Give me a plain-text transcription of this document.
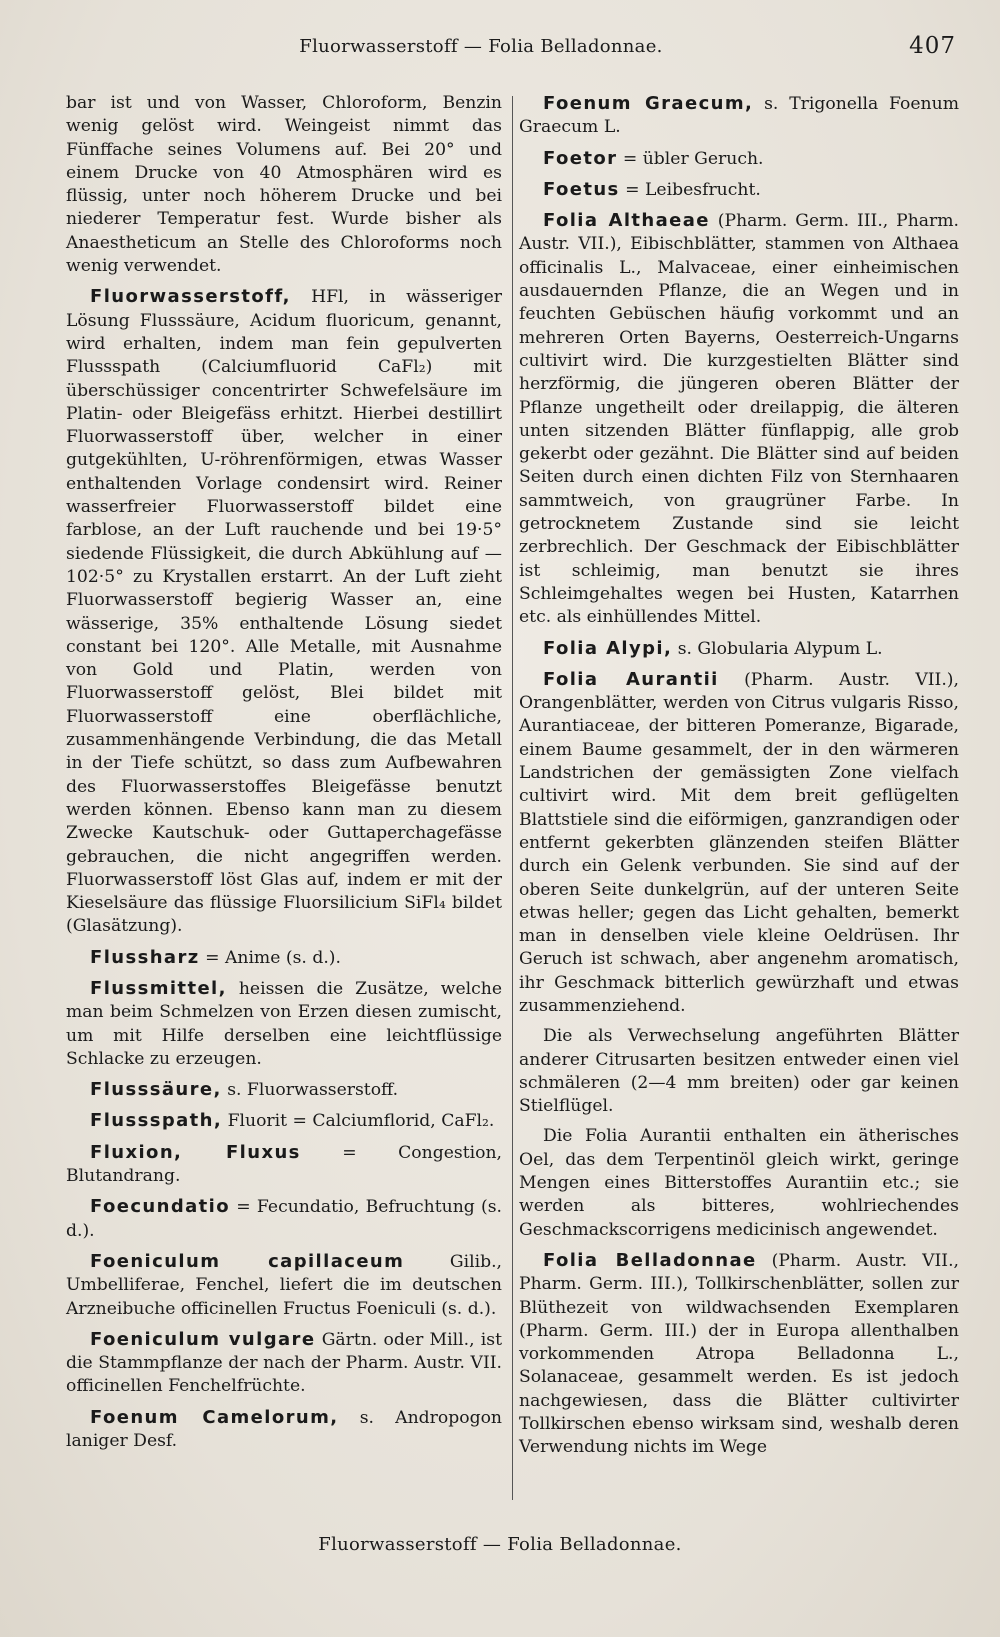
Fluorwasserstoff — Folia Belladonnae.	407

bar ist und von Wasser, Chloroform, Benzin wenig gelöst wird. Weingeist nimmt das Fünffache seines Volumens auf. Bei 20° und einem Drucke von 40 Atmosphären wird es flüssig, unter noch höherem Drucke und bei niederer Temperatur fest. Wurde bisher als Anaestheticum an Stelle des Chloroforms noch wenig verwendet.

Fluorwasserstoff, HFl, in wässeriger Lösung Flusssäure, Acidum fluoricum, genannt, wird erhalten, indem man fein gepulverten Flussspath (Calciumfluorid CaFl₂) mit überschüssiger concentrirter Schwefelsäure im Platin- oder Bleigefäss erhitzt. Hierbei destillirt Fluorwasserstoff über, welcher in einer gutgekühlten, U-röhrenförmigen, etwas Wasser enthaltenden Vorlage condensirt wird. Reiner wasserfreier Fluorwasserstoff bildet eine farblose, an der Luft rauchende und bei 19·5° siedende Flüssigkeit, die durch Abkühlung auf —102·5° zu Krystallen erstarrt. An der Luft zieht Fluorwasserstoff begierig Wasser an, eine wässerige, 35% enthaltende Lösung siedet constant bei 120°. Alle Metalle, mit Ausnahme von Gold und Platin, werden von Fluorwasserstoff gelöst, Blei bildet mit Fluorwasserstoff eine oberflächliche, zusammenhängende Verbindung, die das Metall in der Tiefe schützt, so dass zum Aufbewahren des Fluorwasserstoffes Bleigefässe benutzt werden können. Ebenso kann man zu diesem Zwecke Kautschuk- oder Guttaperchagefässe gebrauchen, die nicht angegriffen werden. Fluorwasserstoff löst Glas auf, indem er mit der Kieselsäure das flüssige Fluorsilicium SiFl₄ bildet (Glasätzung).

Flussharz = Anime (s. d.).

Flussmittel, heissen die Zusätze, welche man beim Schmelzen von Erzen diesen zumischt, um mit Hilfe derselben eine leichtflüssige Schlacke zu erzeugen.

Flusssäure, s. Fluorwasserstoff.

Flussspath, Fluorit = Calciumflorid, CaFl₂.

Fluxion, Fluxus = Congestion, Blutandrang.

Foecundatio = Fecundatio, Befruchtung (s. d.).

Foeniculum capillaceum	Gilib., Umbelliferae, Fenchel, liefert die im deutschen Arzneibuche officinellen Fructus Foeniculi (s. d.).

Foeniculum vulgare Gärtn. oder Mill., ist die Stammpflanze der nach der Pharm. Austr. VII. officinellen Fenchelfrüchte.

Foenum Camelorum, s. Andropogon laniger Desf.

Foenum Graecum, s. Trigonella Foenum Graecum L.

Foetor = übler Geruch.

Foetus = Leibesfrucht.

Folia Althaeae (Pharm. Germ. III., Pharm. Austr. VII.), Eibischblätter, stammen von Althaea officinalis L., Malvaceae, einer einheimischen ausdauernden Pflanze, die an Wegen und in feuchten Gebüschen häufig vorkommt und an mehreren Orten Bayerns, Oesterreich-Ungarns cultivirt wird. Die kurzgestielten Blätter sind herzförmig, die jüngeren oberen Blätter der Pflanze ungetheilt oder dreilappig, die älteren unten sitzenden Blätter fünflappig, alle grob gekerbt oder gezähnt. Die Blätter sind auf beiden Seiten durch einen dichten Filz von Sternhaaren sammtweich, von graugrüner Farbe. In getrocknetem Zustande sind sie leicht zerbrechlich. Der Geschmack der Eibischblätter ist schleimig, man benutzt sie ihres Schleimgehaltes wegen bei Husten, Katarrhen etc. als einhüllendes Mittel.

Folia Alypi, s. Globularia Alypum L.

Folia Aurantii (Pharm. Austr. VII.), Orangenblätter, werden von Citrus vulgaris Risso, Aurantiaceae, der bitteren Pomeranze, Bigarade, einem Baume gesammelt, der in den wärmeren Landstrichen der gemässigten Zone vielfach cultivirt wird. Mit dem breit geflügelten Blattstiele sind die eiförmigen, ganzrandigen oder entfernt gekerbten glänzenden steifen Blätter durch ein Gelenk verbunden. Sie sind auf der oberen Seite dunkelgrün, auf der unteren Seite etwas heller; gegen das Licht gehalten, bemerkt man in denselben viele kleine Oeldrüsen. Ihr Geruch ist schwach, aber angenehm aromatisch, ihr Geschmack bitterlich gewürzhaft und etwas zusammenziehend.

Die als Verwechselung angeführten Blätter anderer Citrusarten besitzen entweder einen viel schmäleren (2—4 mm breiten) oder gar keinen Stielflügel.

Die Folia Aurantii enthalten ein ätherisches Oel, das dem Terpentinöl gleich wirkt, geringe Mengen eines Bitterstoffes Aurantiin etc.; sie werden als bitteres, wohlriechendes Geschmackscorrigens medicinisch angewendet.

Folia Belladonnae (Pharm. Austr. VII., Pharm. Germ. III.), Tollkirschenblätter, sollen zur Blüthezeit von wildwachsenden Exemplaren (Pharm. Germ. III.) der in Europa allenthalben vorkommenden Atropa Belladonna L., Solanaceae, gesammelt werden. Es ist jedoch nachgewiesen, dass die Blätter cultivirter Tollkirschen ebenso wirksam sind, weshalb deren Verwendung nichts im Wege

Fluorwasserstoff — Folia Belladonnae.
